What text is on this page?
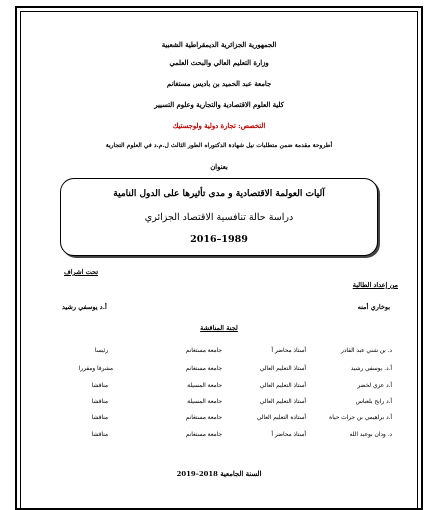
الجمهورية الجزائرية الديمقراطية الشعبية
وزارة التعليم العالي والبحث العلمي
جامعة عبد الحميد بن باديس مستغانم
كلية العلوم الاقتصادية والتجارية وعلوم التسيير
التخصص: تجارة دولية ولوجستيك
أطروحة مقدمة ضمن متطلبات نيل شهادة الدكتوراه الطور الثالث ل.م.د في العلوم التجارية
بعنوان
آليات العولمة الاقتصادية و مدى تأثيرها على الدول النامية
دراسة حالة تنافسية الاقتصاد الجزائري
1989–2016
من إعداد الطالبة
تحت اشراف
بوخاري أمنه
أ.د يوسفي رشيد
لجنة المناقشة
د. بن شني عبد القادر
أستاذ محاضر أ
جامعة مستغانم
رئيسا
أ.د. يوسفي رشيد
أستاذ التعليم العالي
جامعة مستغانم
مشرفا ومقررا
أ.د عزي لخضر
أستاذ التعليم العالي
جامعة المسيلة
مناقشا
أ.د رابح بلعباس
أستاذ التعليم العالي
جامعة المسيلة
مناقشا
أ.د براهيمي بن حراث حياة
أستاذة التعليم العالي
جامعة مستغانم
مناقشا
د. ودان بوعبد الله
أستاذ محاضر أ
جامعة مستغانم
مناقشا
السنة الجامعية 2018–2019
